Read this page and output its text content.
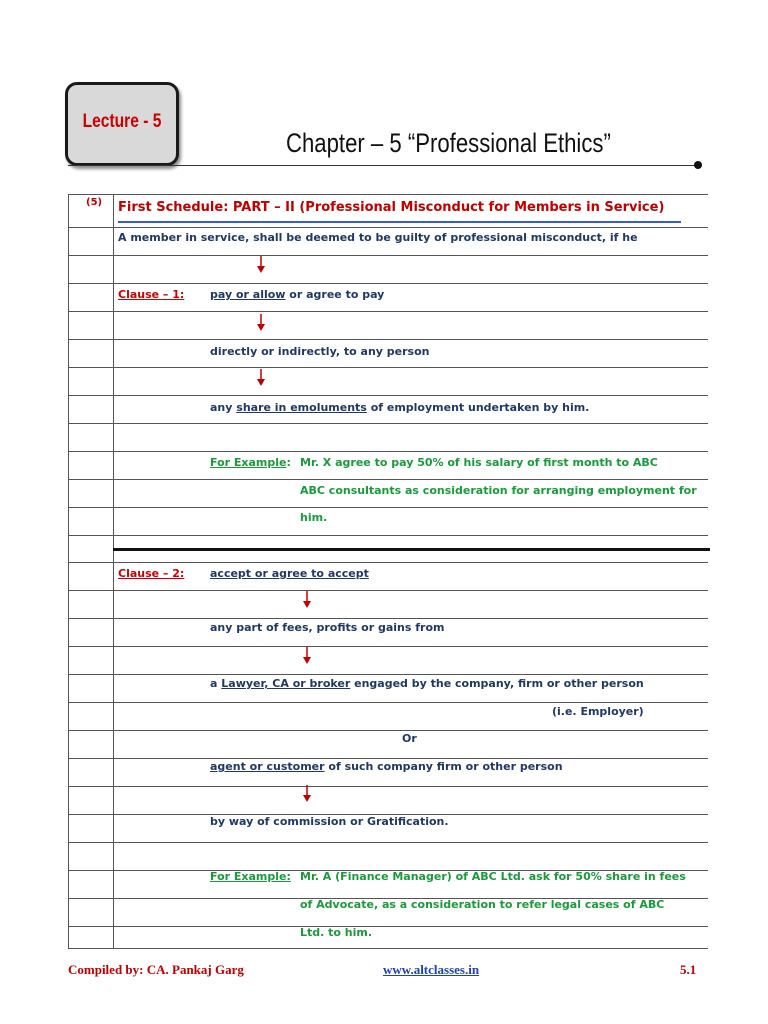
Lecture - 5
Chapter – 5 “Professional Ethics”
(5) First Schedule: PART – II (Professional Misconduct for Members in Service)
A member in service, shall be deemed to be guilty of professional misconduct, if he
Clause – 1: pay or allow or agree to pay
directly or indirectly, to any person
any share in emoluments of employment undertaken by him.
For Example: Mr. X agree to pay 50% of his salary of first month to ABC
ABC consultants as consideration for arranging employment for
him.
Clause – 2: accept or agree to accept
any part of fees, profits or gains from
a Lawyer, CA or broker engaged by the company, firm or other person
(i.e. Employer)
Or
agent or customer of such company firm or other person
by way of commission or Gratification.
For Example: Mr. A (Finance Manager) of ABC Ltd. ask for 50% share in fees
of Advocate, as a consideration to refer legal cases of ABC
Ltd. to him.
Compiled by: CA. Pankaj Garg	www.altclasses.in	5.1
